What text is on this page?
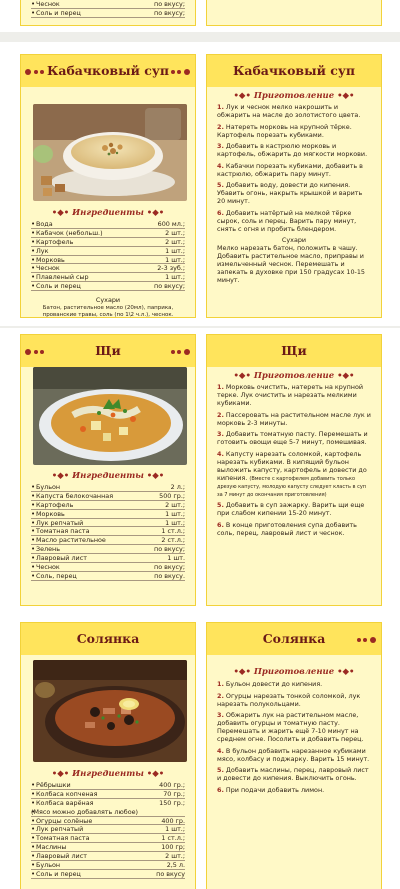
• Чеснок	по вкусу;
• Соль и перец	по вкусу;
Кабачковый суп
•◆• Ингредиенты •◆•
• Вода	600 мл.;
• Кабачок (небольш.)	2 шт.;
• Картофель	2 шт.;
• Лук	1 шт.;
• Морковь	1 шт.;
• Чеснок	2-3 зуб.;
• Плавленый сыр	1 шт.;
• Соль и перец	по вкусу;
Сухари
Батон, растительное масло (20мл), паприка, прованские травы, соль (по 1\2 ч.л.), чеснок.
Кабачковый суп
•◆• Приготовление •◆•

1. Лук и чеснок мелко накрошить и обжарить на масле до золотистого цвета.

2. Натереть морковь на крупной тёрке. Картофель порезать кубиками.

3. Добавить в кастрюлю морковь и картофель, обжарить до мягкости моркови.

4. Кабачки порезать кубиками, добавить в кастрюлю, обжарить пару минут.

5. Добавить воду, довести до кипения. Убавить огонь, накрыть крышкой и варить 20 минут.

6. Добавить натёртый на мелкой тёрке сырок, соль и перец. Варить пару минут, снять с огня и пробить блендером.

Сухари

Мелко нарезать батон, положить в чашу. Добавить растительное масло, приправы и измельченный чеснок. Перемешать и запекать в духовке при 150 градусах 10-15 минут.

Щи
•◆• Ингредиенты •◆•
• Бульон	2 л.;
• Капуста белокочанная	500 гр.;
• Картофель	2 шт.;
• Морковь	1 шт.;
• Лук репчатый	1 шт.;
• Томатная паста	1 ст.л.;
• Масло растительное	2 ст.л.;
• Зелень	по вкусу;
• Лавровый лист	1 шт.
• Чеснок	по вкусу;
• Соль, перец	по вкусу.
Щи
•◆• Приготовление •◆•

1. Морковь очистить, натереть на крупной терке. Лук очистить и нарезать мелкими кубиками.

2. Пассеровать на растительном масле лук и морковь 2-3 минуты.

3. Добавить томатную пасту. Перемешать и готовить овощи еще 5-7 минут, помешивая.

4. Капусту нарезать соломкой, картофель нарезать кубиками. В кипящий бульон выложить капусту, картофель и довести до кипения. (Вместе с картофелем добавить только дрезую капусту, молодую капусту следует класть в суп за 7 минут до окончания приготовления)

5. Добавить в суп зажарку. Варить щи еще при слабом кипении 15-20 минут.

6. В конце приготовления супа добавить соль, перец, лавровый лист и чеснок.

Солянка
•◆• Ингредиенты •◆•
• Рёбрышки	400 гр.;
• Колбаса копченая	70 гр.;
• Колбаса варёная	150 гр.;
• (Мясо можно добавлять любое)
• Огурцы солёные	400 гр.
• Лук репчатый	1 шт.;
• Томатная паста	1 ст.л.;
• Маслины	100 гр;
• Лавровый лист	2 шт.;
• Бульон	2,5 л.
• Соль и перец	по вкусу
Солянка
•◆• Приготовление •◆•

1. Бульон довести до кипения.

2. Огурцы нарезать тонкой соломкой, лук нарезать полукольцами.

3. Обжарить лук на растительном масле, добавить огурцы и томатную пасту. Перемешать и жарить ещё 7-10 минут на среднем огне. Посолить и добавить перец.

4. В бульон добавить нарезанное кубиками мясо, колбасу и поджарку. Варить 15 минут.

5. Добавить маслины, перец, лавровый лист и довести до кипения. Выключить огонь.

6. При подачи добавить лимон.
